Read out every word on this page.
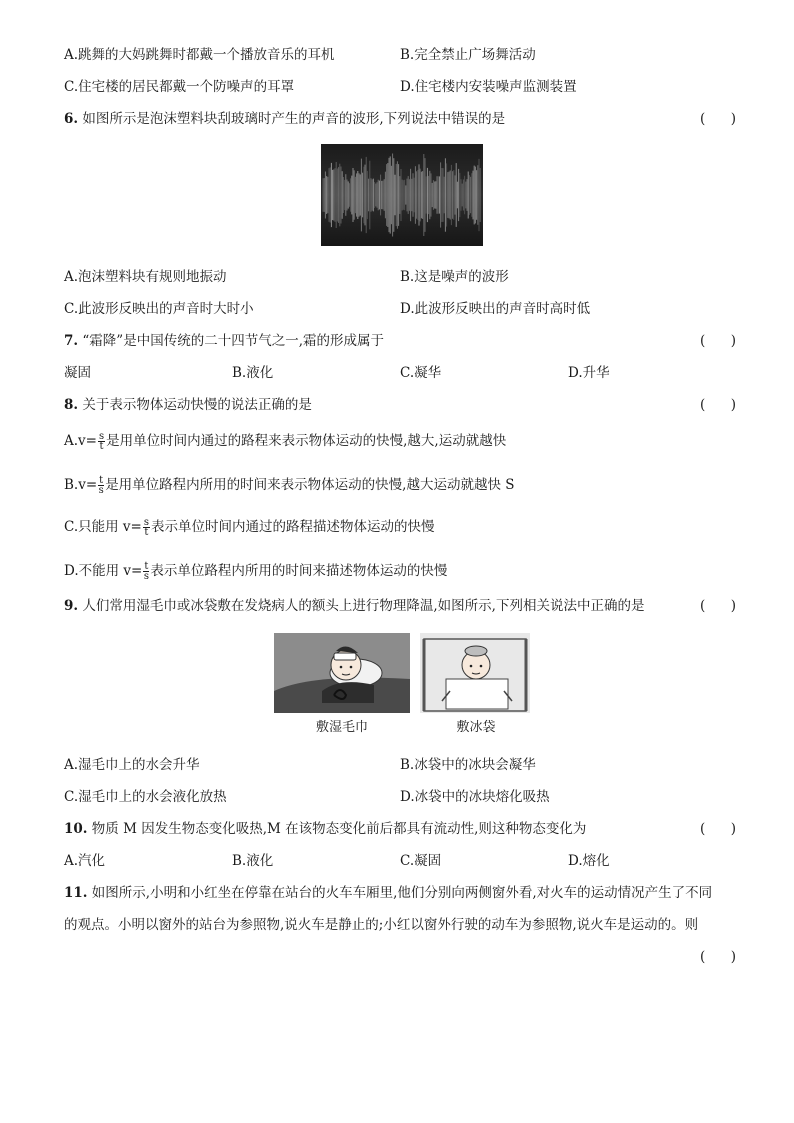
A.跳舞的大妈跳舞时都戴一个播放音乐的耳机	B.完全禁止广场舞活动
C.住宅楼的居民都戴一个防噪声的耳罩	D.住宅楼内安装噪声监测装置
6. 如图所示是泡沫塑料块刮玻璃时产生的声音的波形,下列说法中错误的是
( )
A.泡沫塑料块有规则地振动	B.这是噪声的波形
C.此波形反映出的声音时大时小	D.此波形反映出的声音时高时低
7. “霜降”是中国传统的二十四节气之一,霜的形成属于
( )
凝固	B.液化	C.凝华	D.升华
8. 关于表示物体运动快慢的说法正确的是
( )
$A.v= \frac{s}{t}$ 是用单位时间内通过的路程来表示物体运动的快慢,越大,运动就越快
$B.v= \frac{t}{s}$ 是用单位路程内所用的时间来表示物体运动的快慢,越大运动就越快 S
C.只能用 $v= \frac{s}{t}$ 表示单位时间内通过的路程描述物体运动的快慢
D.不能用 $v= \frac{t}{s}$ 表示单位路程内所用的时间来描述物体运动的快慢
9. 人们常用湿毛巾或冰袋敷在发烧病人的额头上进行物理降温,如图所示,下列相关说法中正确的是
( )
敷湿毛巾	敷冰袋
A.湿毛巾上的水会升华	B.冰袋中的冰块会凝华
C.湿毛巾上的水会液化放热	D.冰袋中的冰块熔化吸热
10. 物质 M 因发生物态变化吸热,M 在该物态变化前后都具有流动性,则这种物态变化为
( )
A.汽化	B.液化	C.凝固	D.熔化
11. 如图所示,小明和小红坐在停靠在站台的火车车厢里,他们分别向两侧窗外看,对火车的运动情况产生了不同
的观点。小明以窗外的站台为参照物,说火车是静止的;小红以窗外行驶的动车为参照物,说火车是运动的。则
( )
